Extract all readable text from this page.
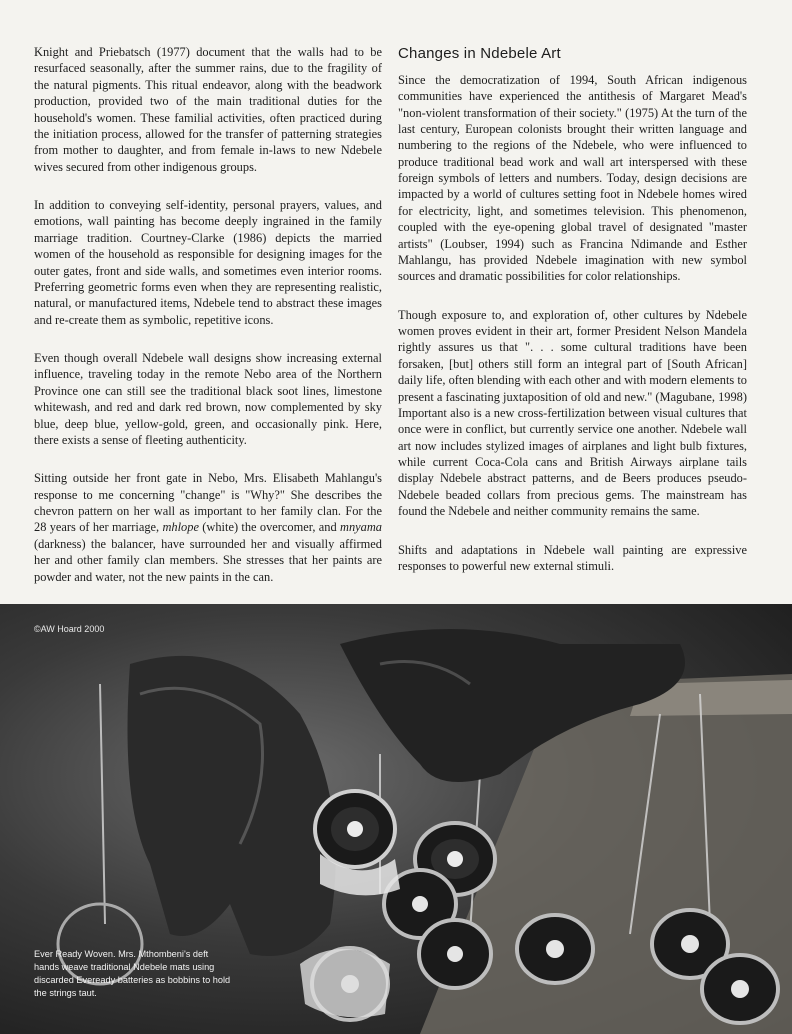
Knight and Priebatsch (1977) document that the walls had to be resurfaced seasonally, after the summer rains, due to the fragility of the natural pigments. This ritual endeavor, along with the beadwork production, provided two of the main traditional duties for the household's women. These familial activities, often practiced during the initiation process, allowed for the transfer of patterning strategies from mother to daughter, and from female in-laws to new Ndebele wives secured from other indigenous groups.

In addition to conveying self-identity, personal prayers, values, and emotions, wall painting has become deeply ingrained in the family marriage tradition. Courtney-Clarke (1986) depicts the married women of the household as responsible for designing images for the outer gates, front and side walls, and sometimes even interior rooms. Preferring geometric forms even when they are representing realistic, natural, or manufactured items, Ndebele tend to abstract these images and re-create them as symbolic, repetitive icons.

Even though overall Ndebele wall designs show increasing external influence, traveling today in the remote Nebo area of the Northern Province one can still see the traditional black soot lines, limestone whitewash, and red and dark red brown, now complemented by sky blue, deep blue, yellow-gold, green, and occasionally pink. Here, there exists a sense of fleeting authenticity.

Sitting outside her front gate in Nebo, Mrs. Elisabeth Mahlangu's response to me concerning "change" is "Why?" She describes the chevron pattern on her wall as important to her family clan. For the 28 years of her marriage, mhlope (white) the overcomer, and mnyama (darkness) the balancer, have surrounded her and visually affirmed her and other family clan members. She stresses that her paints are powder and water, not the new paints in the can.

Changes in Ndebele Art

Since the democratization of 1994, South African indigenous communities have experienced the antithesis of Margaret Mead's "non-violent transformation of their society." (1975) At the turn of the last century, European colonists brought their written language and numbering to the regions of the Ndebele, who were influenced to produce traditional bead work and wall art interspersed with these foreign symbols of letters and numbers. Today, design decisions are impacted by a world of cultures setting foot in Ndebele homes wired for electricity, light, and sometimes television. This phenomenon, coupled with the eye-opening global travel of designated "master artists" (Loubser, 1994) such as Francina Ndimande and Esther Mahlangu, has provided Ndebele imagination with new symbol sources and dramatic possibilities for color relationships.

Though exposure to, and exploration of, other cultures by Ndebele women proves evident in their art, former President Nelson Mandela rightly assures us that ". . . some cultural traditions have been forsaken, [but] others still form an integral part of [South African] daily life, often blending with each other and with modern elements to present a fascinating juxtaposition of old and new." (Magubane, 1998) Important also is a new cross-fertilization between visual cultures that once were in conflict, but currently service one another. Ndebele wall art now includes stylized images of airplanes and light bulb fixtures, while current Coca-Cola cans and British Airways airplane tails display Ndebele abstract patterns, and de Beers produces pseudo-Ndebele beaded collars from precious gems. The mainstream has found the Ndebele and neither community remains the same.

Shifts and adaptations in Ndebele wall painting are expressive responses to powerful new external stimuli.

©AW Hoard 2000
Ever Ready Woven. Mrs. Mthombeni's deft hands weave traditional Ndebele mats using discarded Eveready batteries as bobbins to hold the strings taut.
